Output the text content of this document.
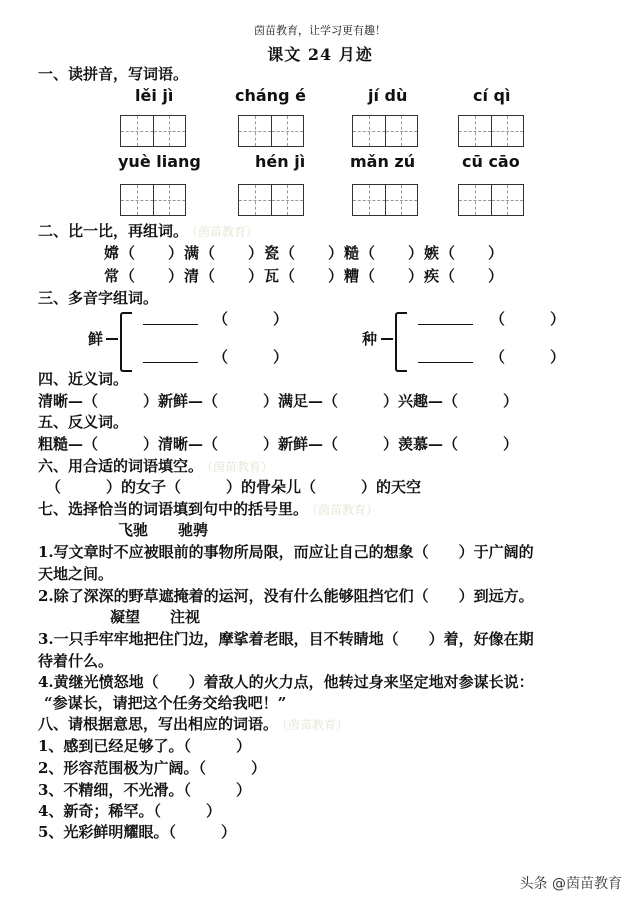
茵苗教育，让学习更有趣！
课文 24 月迹
一、读拼音，写词语。
lěi jì	cháng é	jí dù	cí qì
yuè liang	hén jì	mǎn zú	cū cāo
二、比一比，再组词。 （茵苗教育）
嫦（　　）满（　　）瓷（　　）糙（　　）嫉（　　）
常（　　）清（　　）瓦（　　）糟（　　）疾（　　）
三、多音字组词。
鲜
（　　　）
（　　　）
种
（　　　）
（　　　）
四、近义词。
清晰—（　　　）新鲜—（　　　）满足—（　　　）兴趣—（　　　）
五、反义词。
粗糙—（　　　）清晰—（　　　）新鲜—（　　　）羡慕—（　　　）
六、用合适的词语填空。 （茵苗教育）
（　　　）的女子（　　　）的骨朵儿（　　　）的天空
七、选择恰当的词语填到句中的括号里。 （茵苗教育）
飞驰　　驰骋
1.写文章时不应被眼前的事物所局限，而应让自己的想象（　　）于广阔的
天地之间。
2.除了深深的野草遮掩着的运河，没有什么能够阻挡它们（　　）到远方。
凝望　　注视
3.一只手牢牢地把住门边，摩挲着老眼，目不转睛地（　　）着，好像在期
待着什么。
4.黄继光愤怒地（　　）着敌人的火力点，他转过身来坚定地对参谋长说：
“参谋长，请把这个任务交给我吧！”
八、请根据意思，写出相应的词语。 （茵苗教育）
1、感到已经足够了。（　　　）
2、形容范围极为广阔。（　　　）
3、不精细，不光滑。（　　　）
4、新奇；稀罕。（　　　）
5、光彩鲜明耀眼。（　　　）
头条 @茵苗教育
